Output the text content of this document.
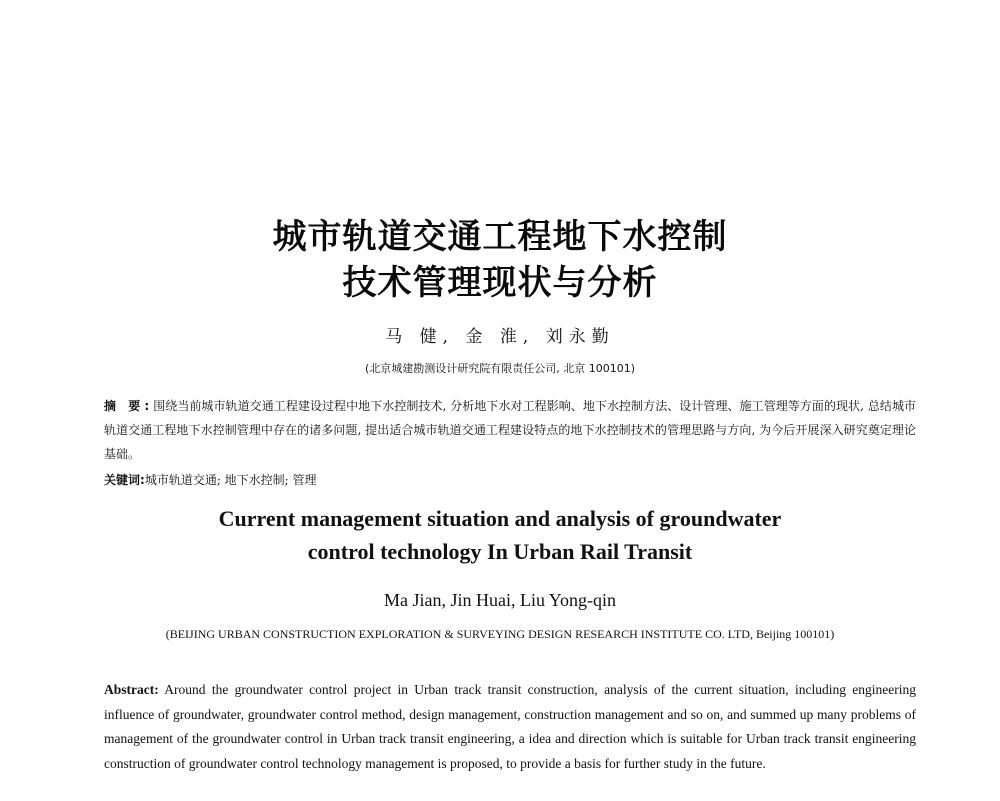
城市轨道交通工程地下水控制
技术管理现状与分析
马 健, 金 淮, 刘永勤
(北京城建勘测设计研究院有限责任公司, 北京 100101)
摘 要:围绕当前城市轨道交通工程建设过程中地下水控制技术, 分析地下水对工程影响、地下水控制方法、设计管理、施工管理等方面的现状, 总结城市轨道交通工程地下水控制管理中存在的诸多问题, 提出适合城市轨道交通工程建设特点的地下水控制技术的管理思路与方向, 为今后开展深入研究奠定理论基础。
关键词:城市轨道交通; 地下水控制; 管理
Current management situation and analysis of groundwater
control technology In Urban Rail Transit
Ma Jian, Jin Huai, Liu Yong-qin
(BEIJING URBAN CONSTRUCTION EXPLORATION & SURVEYING DESIGN RESEARCH INSTITUTE CO. LTD, Beijing 100101)
Abstract: Around the groundwater control project in Urban track transit construction, analysis of the current situation, including engineering influence of groundwater, groundwater control method, design management, construction management and so on, and summed up many problems of management of the groundwater control in Urban track transit engineering, a idea and direction which is suitable for Urban track transit engineering construction of groundwater control technology management is proposed, to provide a basis for further study in the future.
